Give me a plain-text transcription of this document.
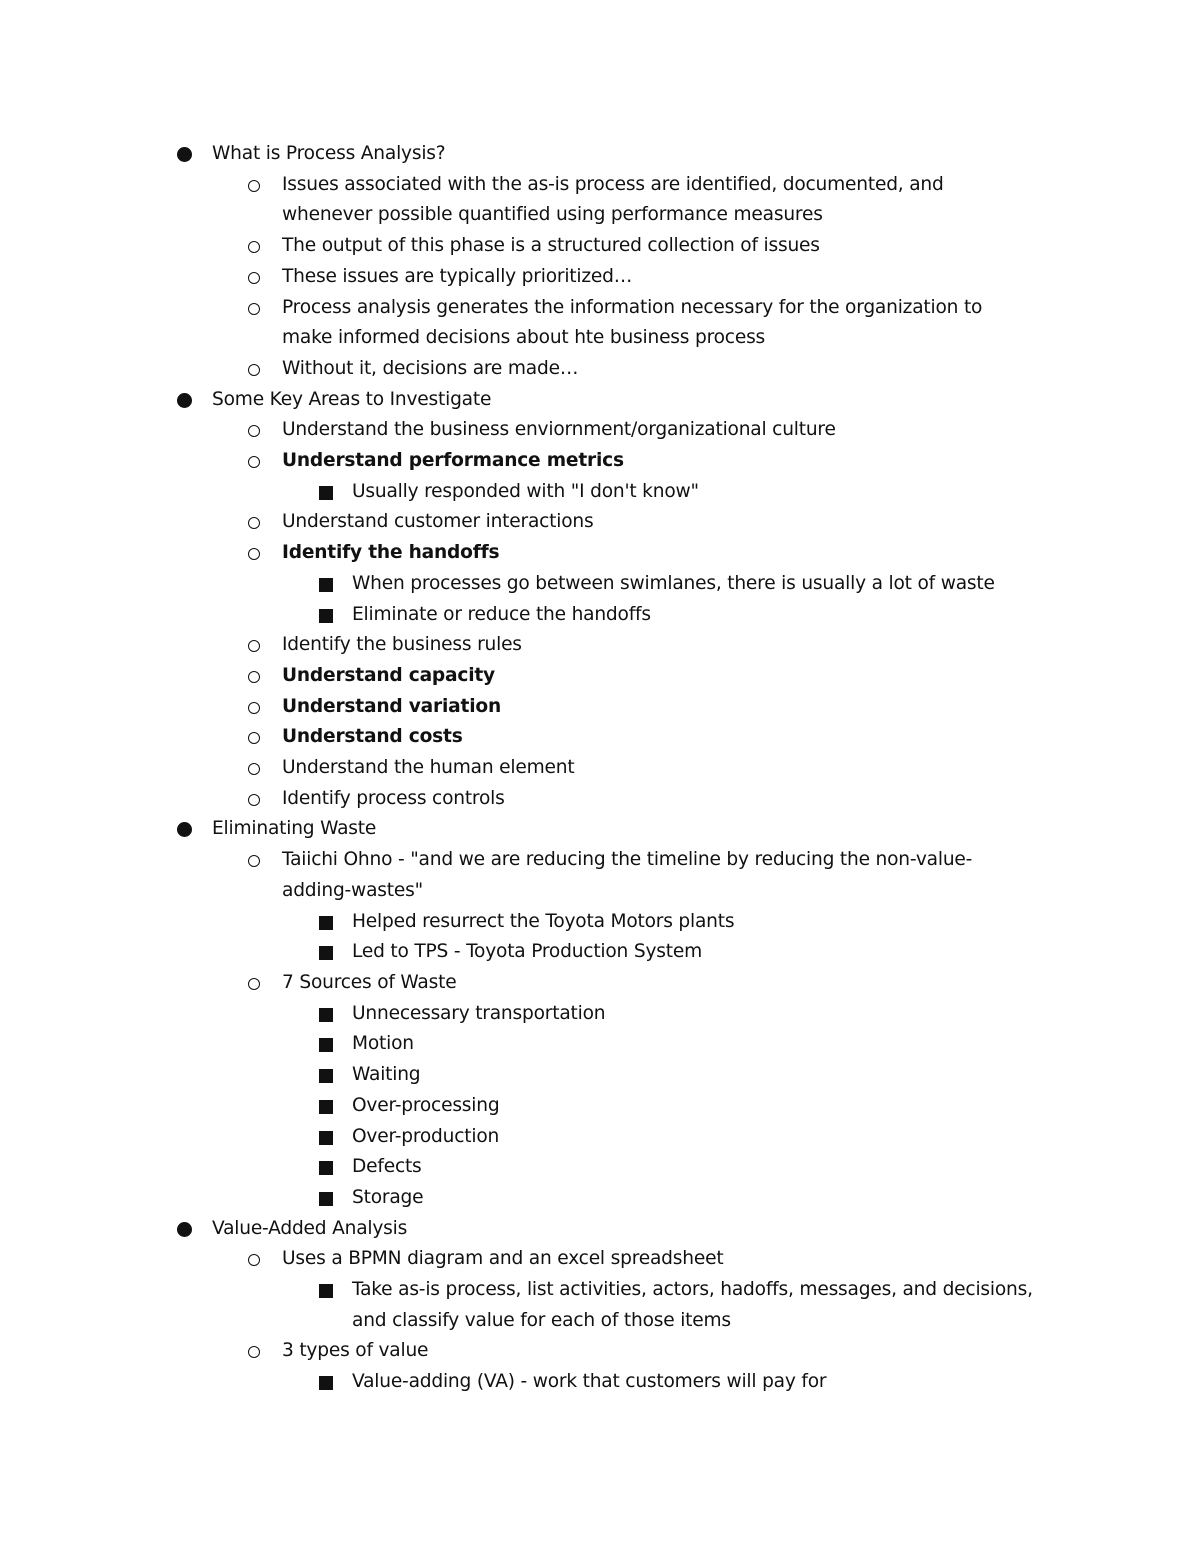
What is Process Analysis?
Issues associated with the as-is process are identified, documented, and whenever possible quantified using performance measures
The output of this phase is a structured collection of issues
These issues are typically prioritized…
Process analysis generates the information necessary for the organization to make informed decisions about hte business process
Without it, decisions are made…
Some Key Areas to Investigate
Understand the business enviornment/organizational culture
Understand performance metrics
Usually responded with "I don't know"
Understand customer interactions
Identify the handoffs
When processes go between swimlanes, there is usually a lot of waste
Eliminate or reduce the handoffs
Identify the business rules
Understand capacity
Understand variation
Understand costs
Understand the human element
Identify process controls
Eliminating Waste
Taiichi Ohno - "and we are reducing the timeline by reducing the non-value-adding-wastes"
Helped resurrect the Toyota Motors plants
Led to TPS - Toyota Production System
7 Sources of Waste
Unnecessary transportation
Motion
Waiting
Over-processing
Over-production
Defects
Storage
Value-Added Analysis
Uses a BPMN diagram and an excel spreadsheet
Take as-is process, list activities, actors, hadoffs, messages, and decisions, and classify value for each of those items
3 types of value
Value-adding (VA) - work that customers will pay for
